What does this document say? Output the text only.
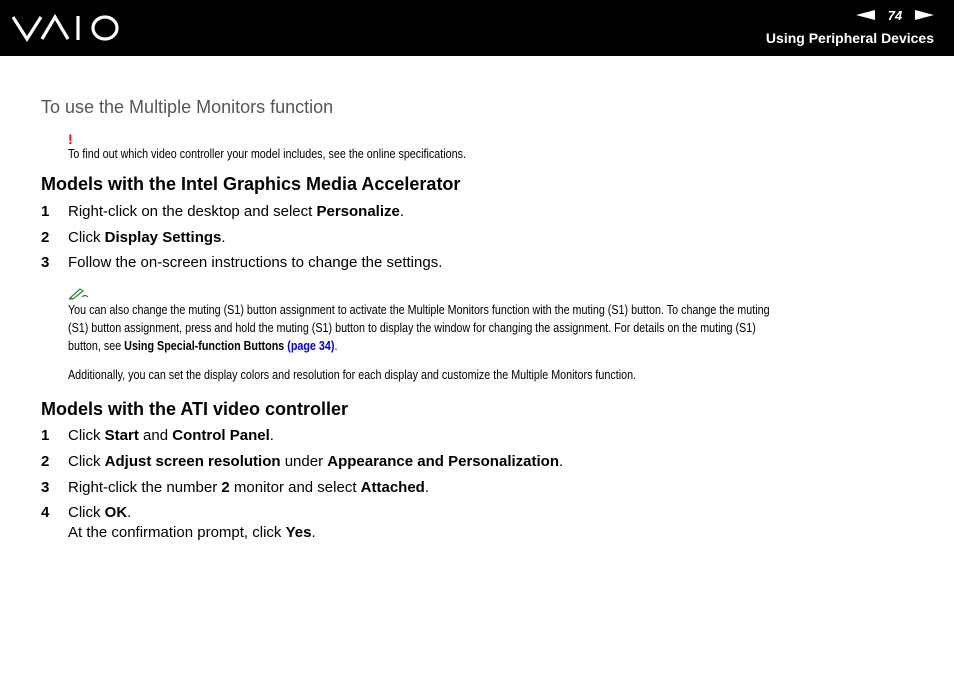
74
Using Peripheral Devices
To use the Multiple Monitors function
!
To find out which video controller your model includes, see the online specifications.
Models with the Intel Graphics Media Accelerator
1 Right-click on the desktop and select Personalize.
2 Click Display Settings.
3 Follow the on-screen instructions to change the settings.
You can also change the muting (S1) button assignment to activate the Multiple Monitors function with the muting (S1) button. To change the muting
(S1) button assignment, press and hold the muting (S1) button to display the window for changing the assignment. For details on the muting (S1)
button, see Using Special-function Buttons (page 34).
Additionally, you can set the display colors and resolution for each display and customize the Multiple Monitors function.
Models with the ATI video controller
1 Click Start and Control Panel.
2 Click Adjust screen resolution under Appearance and Personalization.
3 Right-click the number 2 monitor and select Attached.
4 Click OK.
At the confirmation prompt, click Yes.
